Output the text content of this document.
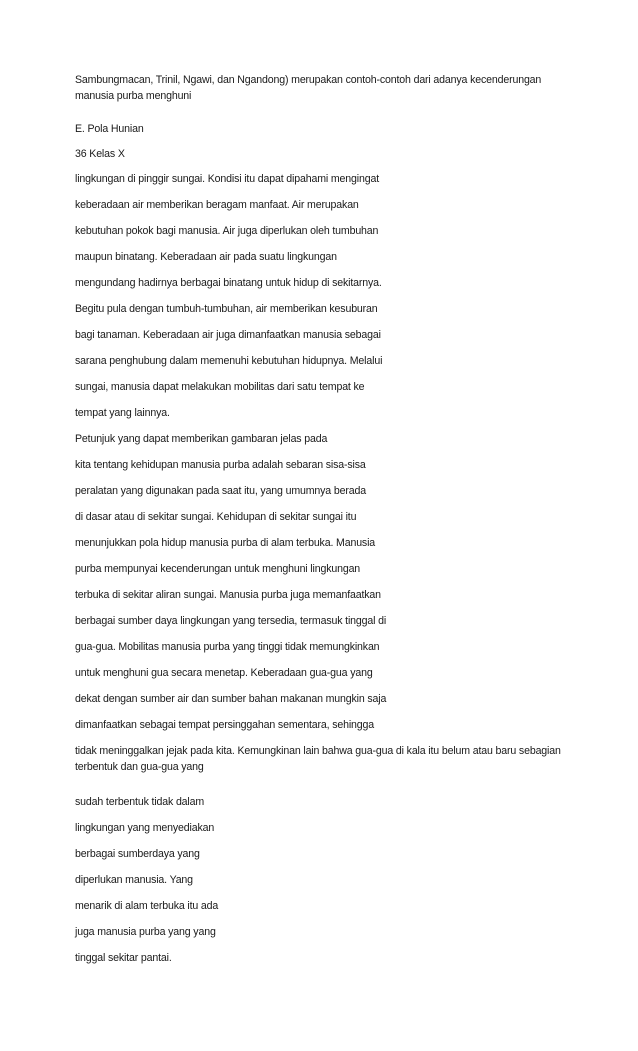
Sambungmacan, Trinil, Ngawi, dan Ngandong) merupakan contoh-contoh dari adanya kecenderungan manusia purba menghuni
E. Pola Hunian
36 Kelas X
lingkungan di pinggir sungai. Kondisi itu dapat dipahami mengingat
keberadaan air memberikan beragam manfaat. Air merupakan
kebutuhan pokok bagi manusia. Air juga diperlukan oleh tumbuhan
maupun binatang. Keberadaan air pada suatu lingkungan
mengundang hadirnya berbagai binatang untuk hidup di sekitarnya.
Begitu pula dengan tumbuh-tumbuhan, air memberikan kesuburan
bagi tanaman. Keberadaan air juga dimanfaatkan manusia sebagai
sarana penghubung dalam memenuhi kebutuhan hidupnya. Melalui
sungai, manusia dapat melakukan mobilitas dari satu tempat ke
tempat yang lainnya.
Petunjuk yang dapat memberikan gambaran jelas pada
kita tentang kehidupan manusia purba adalah sebaran sisa-sisa
peralatan yang digunakan pada saat itu, yang umumnya berada
di dasar atau di sekitar sungai. Kehidupan di sekitar sungai itu
menunjukkan pola hidup manusia purba di alam terbuka. Manusia
purba mempunyai kecenderungan untuk menghuni lingkungan
terbuka di sekitar aliran sungai. Manusia purba juga memanfaatkan
berbagai sumber daya lingkungan yang tersedia, termasuk tinggal di
gua-gua. Mobilitas manusia purba yang tinggi tidak memungkinkan
untuk menghuni gua secara menetap. Keberadaan gua-gua yang
dekat dengan sumber air dan sumber bahan makanan mungkin saja
dimanfaatkan sebagai tempat persinggahan sementara, sehingga
tidak meninggalkan jejak pada kita. Kemungkinan lain bahwa gua-gua di kala itu belum atau baru sebagian terbentuk dan gua-gua yang
sudah terbentuk tidak dalam
lingkungan yang menyediakan
berbagai sumberdaya yang
diperlukan manusia. Yang
menarik di alam terbuka itu ada
juga manusia purba yang yang
tinggal sekitar pantai.
